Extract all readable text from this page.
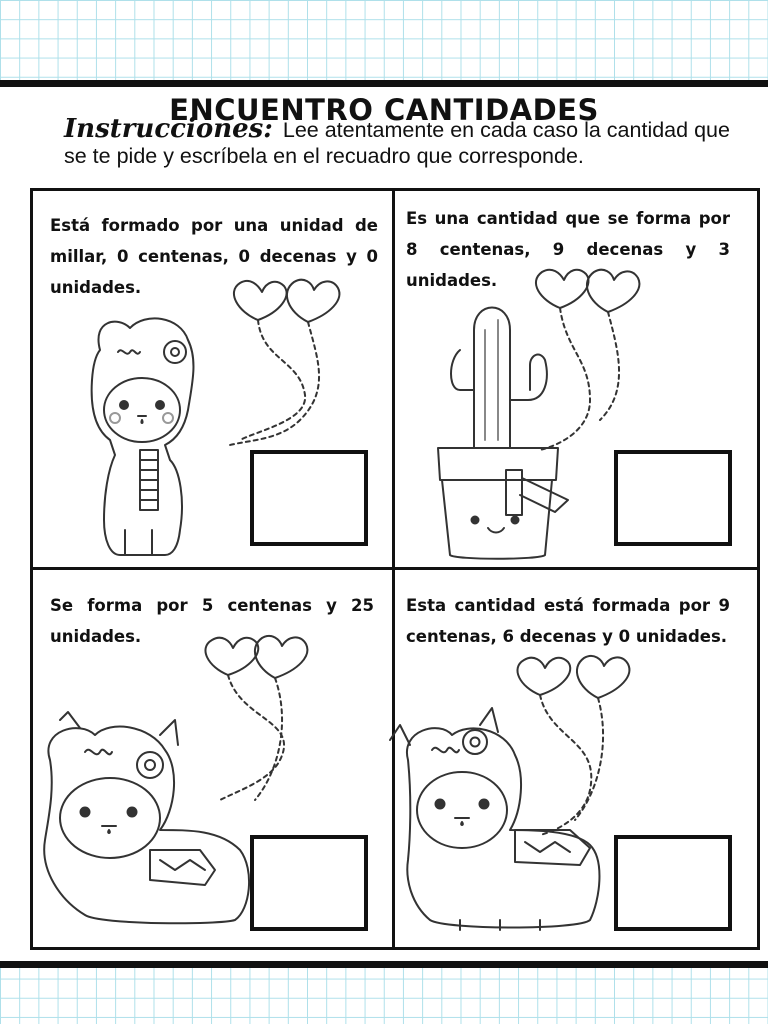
ENCUENTRO CANTIDADES
Instrucciones: Lee atentamente en cada caso la cantidad que se te pide y escríbela en el recuadro que corresponde.
Está formado por una unidad de millar, 0 centenas, 0 decenas y 0 unidades.
Es una cantidad que se forma por 8 centenas, 9 decenas y 3 unidades.
Se forma por 5 centenas y 25 unidades.
Esta cantidad está formada por 9 centenas, 6 decenas y 0 unidades.
